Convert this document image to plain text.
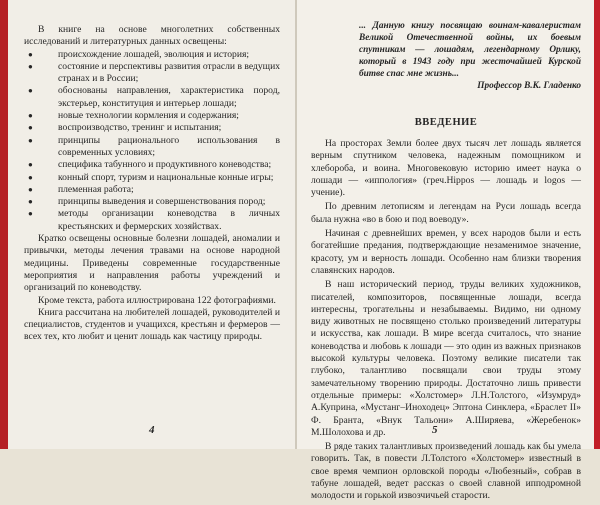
В книге на основе многолетних собственных исследований и литературных данных освещены:

● происхождение лошадей, эволюция и история;
● состояние и перспективы развития отрасли в ведущих странах и в России;
● обоснованы направления, характеристика пород, экстерьер, конституция и интерьер лошади;
● новые технологии кормления и содержания;
● воспроизводство, тренинг и испытания;
● принципы рационального использования в современных условиях;
● специфика табунного и продуктивного коневодства;
● конный спорт, туризм и национальные конные игры;
● племенная работа;
● принципы выведения и совершенствования пород;
● методы организации коневодства в личных крестьянских и фермерских хозяйствах.

Кратко освещены основные болезни лошадей, аномалии и привычки, методы лечения травами на основе народной медицины. Приведены современные государственные мероприятия и направления работы учреждений и организаций по коневодству.

Кроме текста, работа иллюстрирована 122 фотографиями.

Книга рассчитана на любителей лошадей, руководителей и специалистов, студентов и учащихся, крестьян и фермеров — всех тех, кто любит и ценит лошадь как частицу природы.

4
... Данную книгу посвящаю воинам-кавалеристам Великой Отечественной войны, их боевым спутникам — лошадям, легендарному Орлику, который в 1943 году при жесточайшей Курской битве спас мне жизнь...
Профессор В.К. Гладенко
ВВЕДЕНИЕ

На просторах Земли более двух тысяч лет лошадь является верным спутником человека, надежным помощником и хлебороба, и воина. Многовековую историю имеет наука о лошади — «иппология» (греч.Hippos — лошадь и logos — учение).

По древним летописям и легендам на Руси лошадь всегда была нужна «во в бою и под воеводу».

Начиная с древнейших времен, у всех народов были и есть богатейшие предания, подтверждающие незаменимое значение, красоту, ум и верность лошади. Особенно нам близки творения славянских народов.

В наш исторический период, труды великих художников, писателей, композиторов, посвященные лошади, всегда интересны, трогательны и незабываемы. Видимо, ни одному виду животных не посвящено столько произведений литературы и искусства, как лошади. В мире всегда считалось, что знание коневодства и любовь к лошади — это один из важных признаков высокой культуры человека. Поэтому великие писатели так глубоко, талантливо посвящали свои труды этому замечательному творению природы. Достаточно лишь привести отдельные примеры: «Холстомер» Л.Н.Толстого, «Изумруд» А.Куприна, «Мустанг–Иноходец» Эптона Синклера, «Браслет II» Ф. Бранта, «Внук Тальони» А.Ширяева, «Жеребенок» М.Шолохова и др.

В ряде таких талантливых произведений лошадь как бы умела говорить. Так, в повести Л.Толстого «Холстомер» известный в свое время чемпион орловской породы «Любезный», собрав в табуне лошадей, ведет рассказ о своей славной ипподромной молодости и горькой извозчичьей старости.

5
